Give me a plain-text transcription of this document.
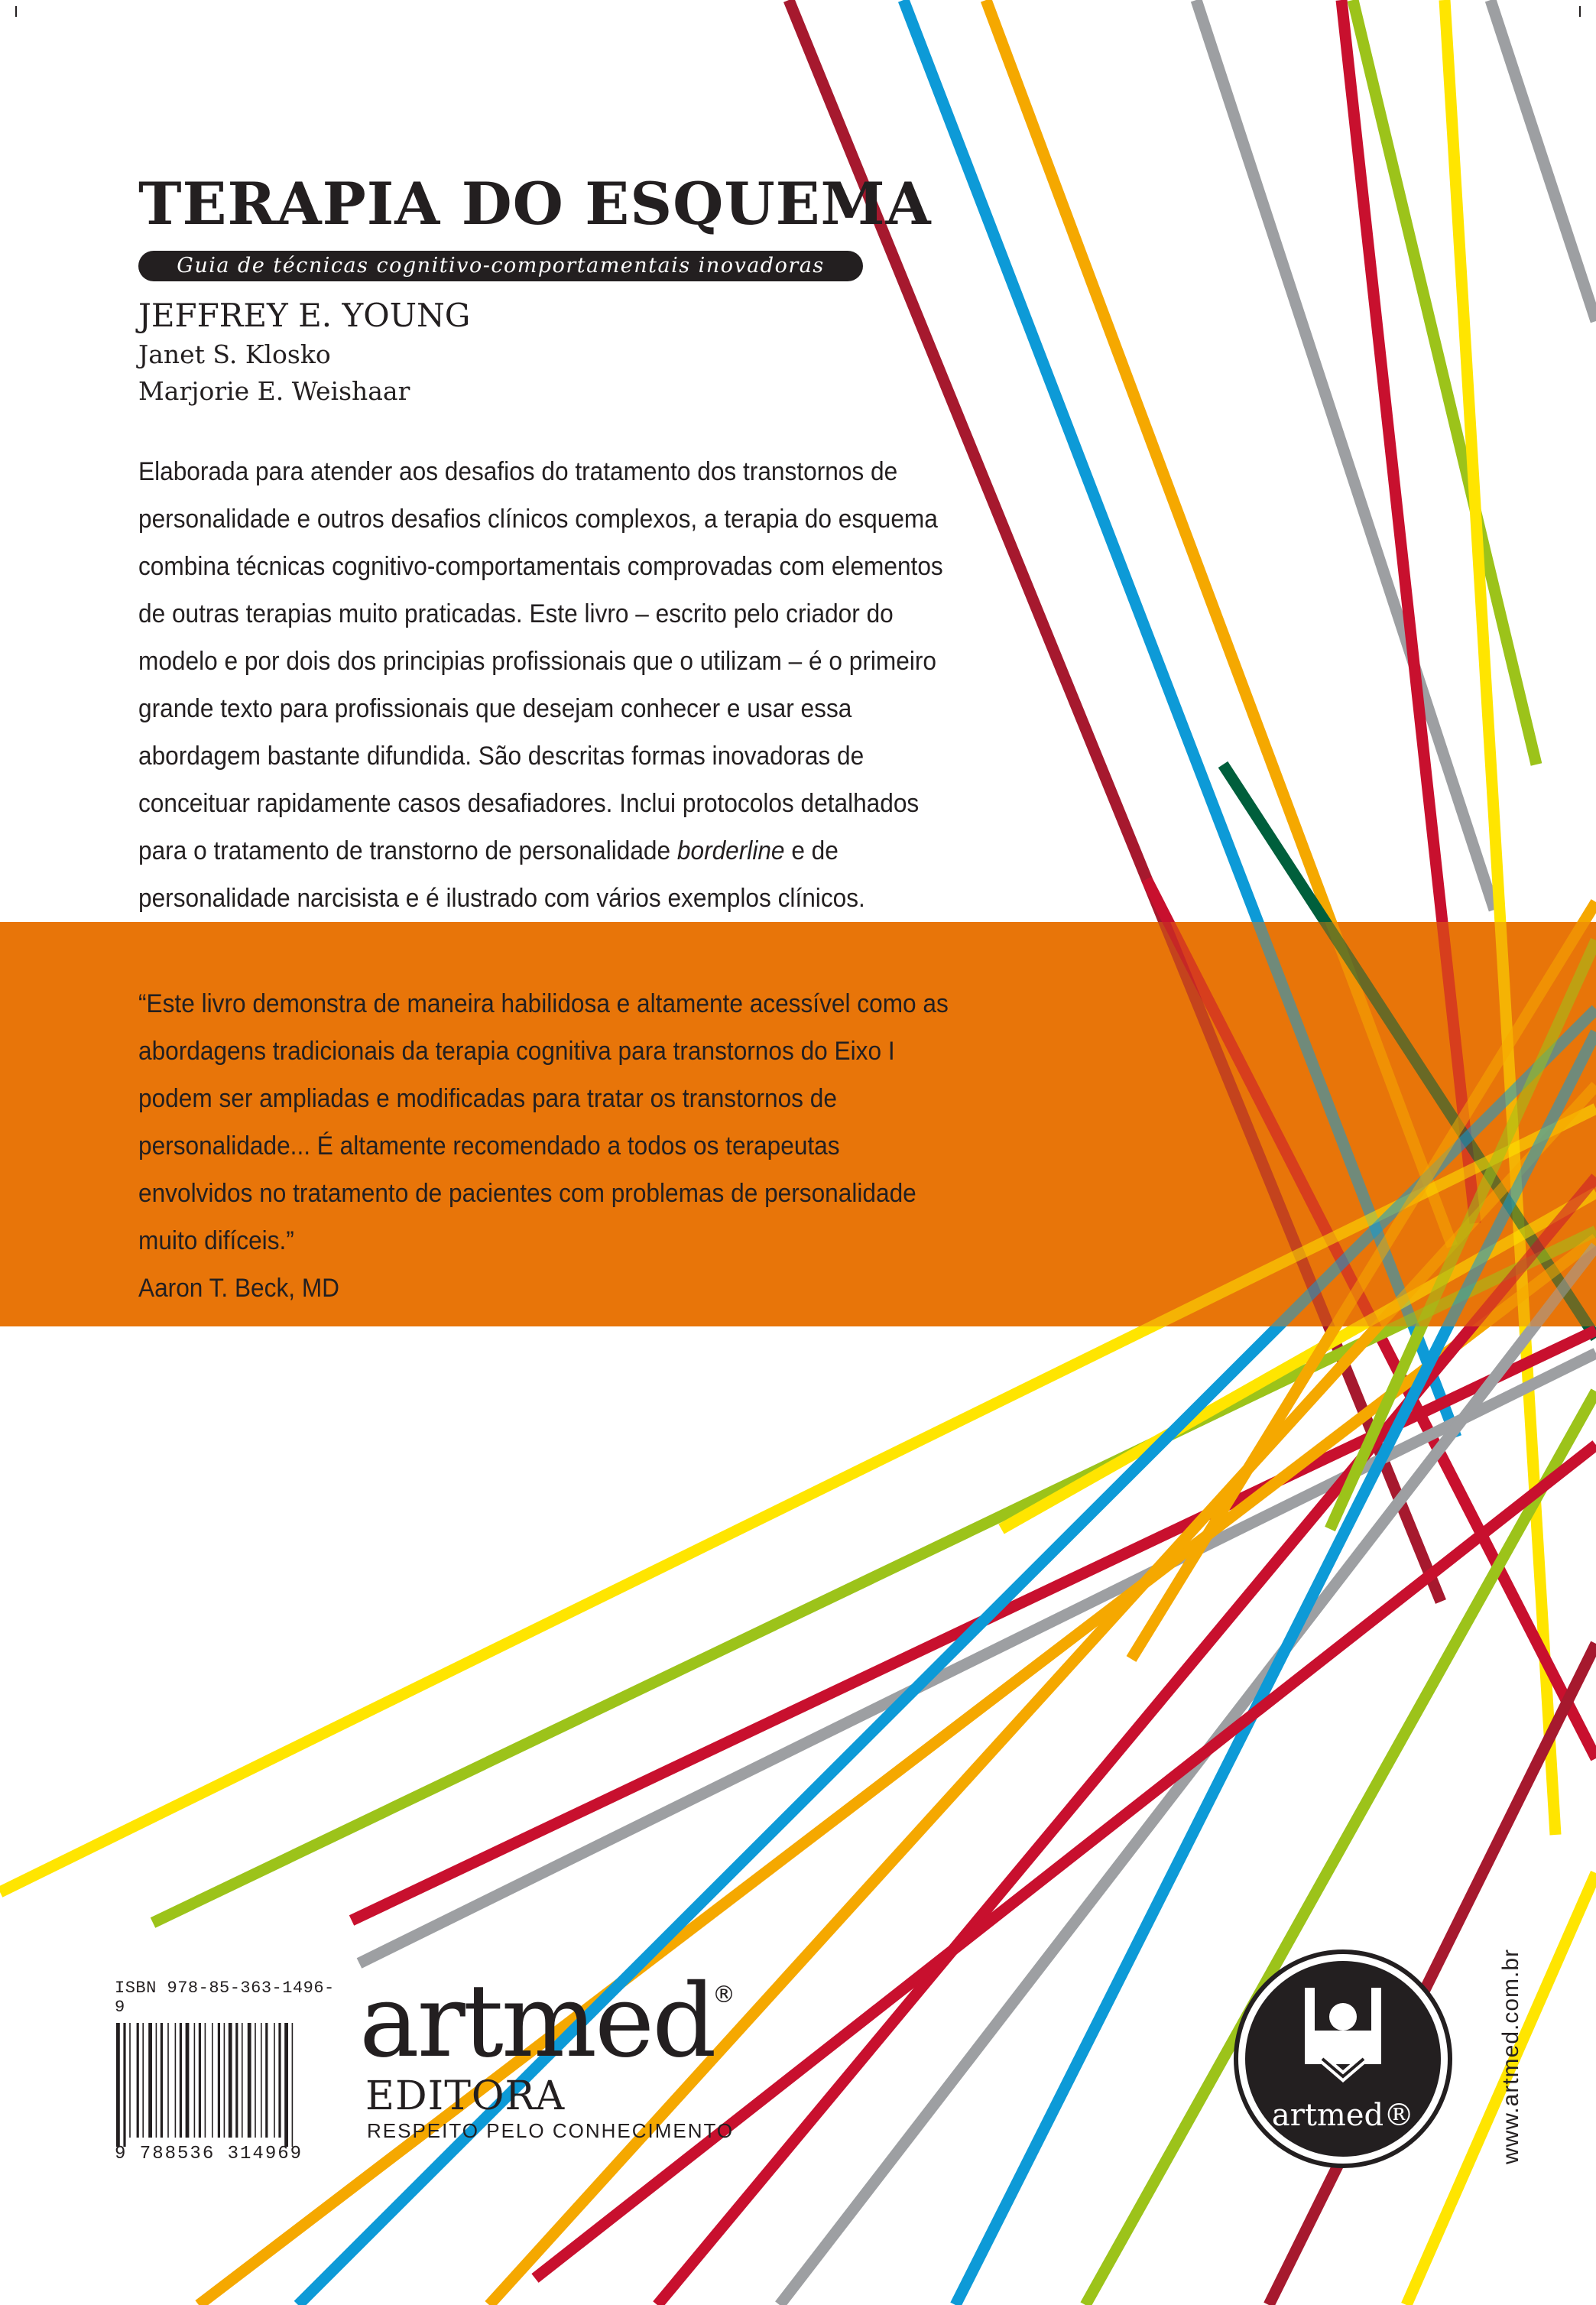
TERAPIA DO ESQUEMA
Guia de técnicas cognitivo-comportamentais inovadoras
JEFFREY E. YOUNG
Janet S. Klosko
Marjorie E. Weishaar

Elaborada para atender aos desafios do tratamento dos transtornos de personalidade e outros desafios clínicos complexos, a terapia do esquema combina técnicas cognitivo-comportamentais comprovadas com elementos de outras terapias muito praticadas. Este livro – escrito pelo criador do modelo e por dois dos principias profissionais que o utilizam – é o primeiro grande texto para profissionais que desejam conhecer e usar essa abordagem bastante difundida. São descritas formas inovadoras de conceituar rapidamente casos desafiadores. Inclui protocolos detalhados para o tratamento de transtorno de personalidade borderline e de personalidade narcisista e é ilustrado com vários exemplos clínicos.

“Este livro demonstra de maneira habilidosa e altamente acessível como as abordagens tradicionais da terapia cognitiva para transtornos do Eixo I podem ser ampliadas e modificadas para tratar os transtornos de personalidade... É altamente recomendado a todos os terapeutas envolvidos no tratamento de pacientes com problemas de personalidade muito difíceis.”

Aaron T. Beck, MD

ISBN 978-85-363-1496-9
9 788536 314969
artmed
®
EDITORA
RESPEITO PELO CONHECIMENTO	artmed®	www.artmed.com.br
